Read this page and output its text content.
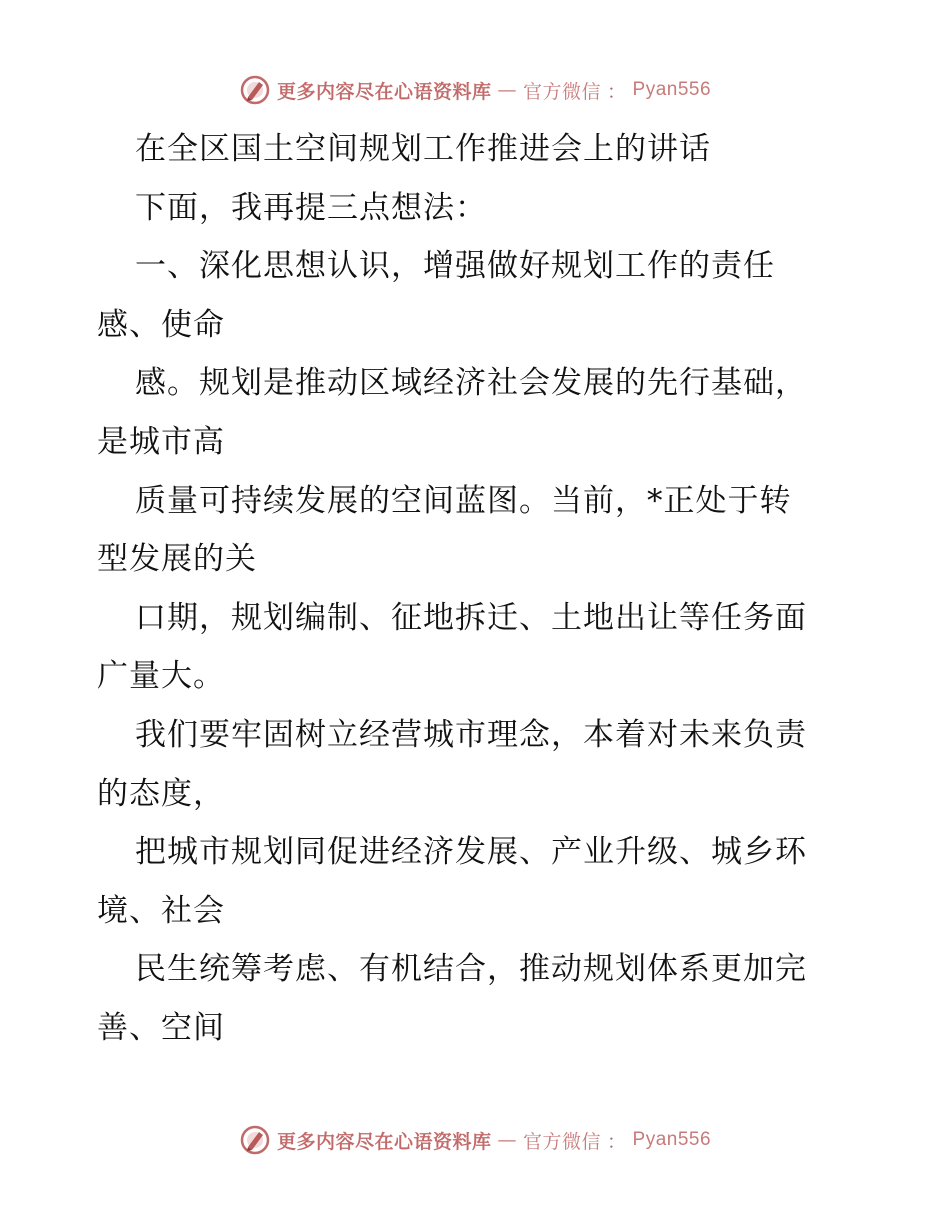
更多内容尽在心语资料库 — 官方微信 ： Pyan556
在全区国土空间规划工作推进会上的讲话
下面，我再提三点想法：
一、深化思想认识，增强做好规划工作的责任
感、使命
感。规划是推动区域经济社会发展的先行基础，
是城市高
质量可持续发展的空间蓝图。当前，*正处于转
型发展的关
口期，规划编制、征地拆迁、土地出让等任务面
广量大。
我们要牢固树立经营城市理念，本着对未来负责
的态度，
把城市规划同促进经济发展、产业升级、城乡环
境、社会
民生统筹考虑、有机结合，推动规划体系更加完
善、空间
更多内容尽在心语资料库 — 官方微信 ： Pyan556
